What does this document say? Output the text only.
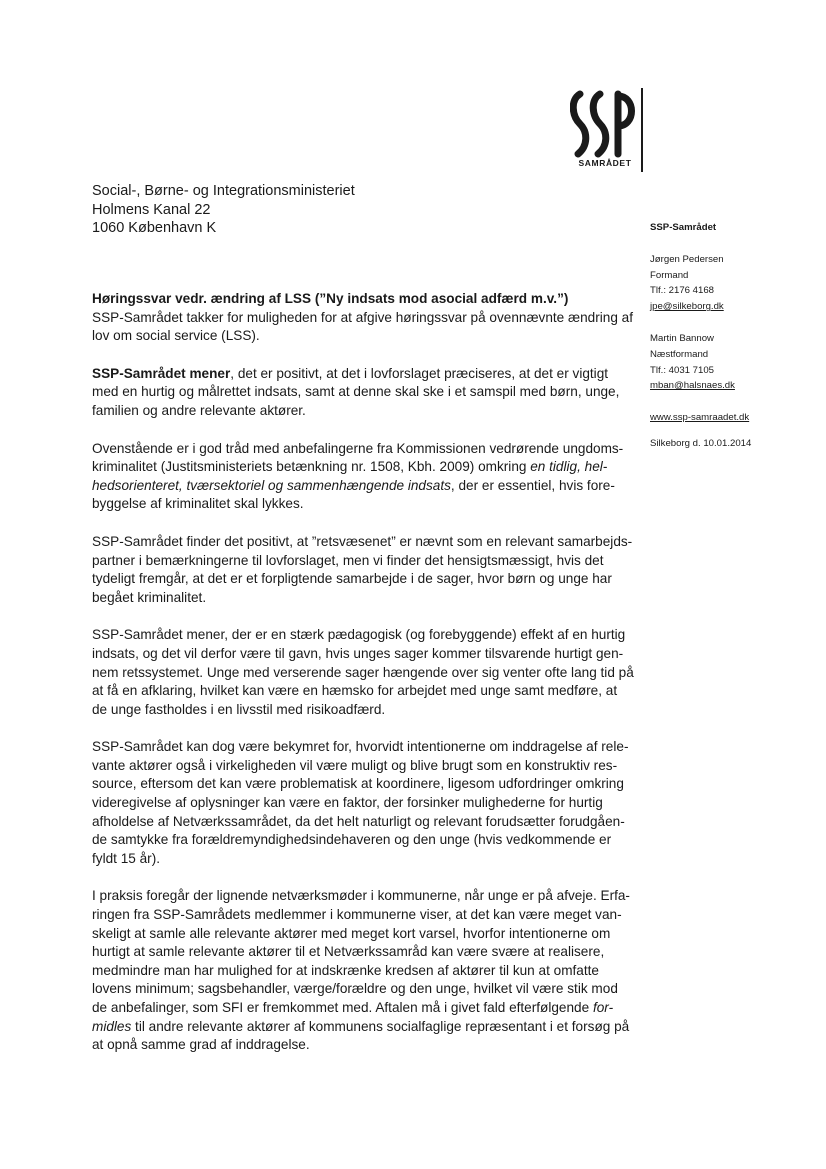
SAMRÅDET
Social-, Børne- og Integrationsministeriet
Holmens Kanal 22
1060 København K	SSP-Samrådet
Jørgen Pedersen
Formand
Tlf.: 2176 4168
jpe@silkeborg.dk
Martin Bannow
Næstformand
Tlf.: 4031 7105
mban@halsnaes.dk
www.ssp-samraadet.dk
Silkeborg d. 10.01.2014

Høringssvar vedr. ændring af LSS (”Ny indsats mod asocial adfærd m.v.”)
SSP-Samrådet takker for muligheden for at afgive høringssvar på ovennævnte ændring af
lov om social service (LSS).

SSP-Samrådet mener, det er positivt, at det i lovforslaget præciseres, at det er vigtigt
med en hurtig og målrettet indsats, samt at denne skal ske i et samspil med børn, unge,
familien og andre relevante aktører.

Ovenstående er i god tråd med anbefalingerne fra Kommissionen vedrørende ungdoms-
kriminalitet (Justitsministeriets betænkning nr. 1508, Kbh. 2009) omkring en tidlig, hel-
hedsorienteret, tværsektoriel og sammenhængende indsats, der er essentiel, hvis fore-
byggelse af kriminalitet skal lykkes.

SSP-Samrådet finder det positivt, at ”retsvæsenet” er nævnt som en relevant samarbejds-
partner i bemærkningerne til lovforslaget, men vi finder det hensigtsmæssigt, hvis det
tydeligt fremgår, at det er et forpligtende samarbejde i de sager, hvor børn og unge har
begået kriminalitet.

SSP-Samrådet mener, der er en stærk pædagogisk (og forebyggende) effekt af en hurtig
indsats, og det vil derfor være til gavn, hvis unges sager kommer tilsvarende hurtigt gen-
nem retssystemet. Unge med verserende sager hængende over sig venter ofte lang tid på
at få en afklaring, hvilket kan være en hæmsko for arbejdet med unge samt medføre, at
de unge fastholdes i en livsstil med risikoadfærd.

SSP-Samrådet kan dog være bekymret for, hvorvidt intentionerne om inddragelse af rele-
vante aktører også i virkeligheden vil være muligt og blive brugt som en konstruktiv res-
source, eftersom det kan være problematisk at koordinere, ligesom udfordringer omkring
videregivelse af oplysninger kan være en faktor, der forsinker mulighederne for hurtig
afholdelse af Netværkssamrådet, da det helt naturligt og relevant forudsætter forudgåen-
de samtykke fra forældremyndighedsindehaveren og den unge (hvis vedkommende er
fyldt 15 år).

I praksis foregår der lignende netværksmøder i kommunerne, når unge er på afveje. Erfa-
ringen fra SSP-Samrådets medlemmer i kommunerne viser, at det kan være meget van-
skeligt at samle alle relevante aktører med meget kort varsel, hvorfor intentionerne om
hurtigt at samle relevante aktører til et Netværkssamråd kan være svære at realisere,
medmindre man har mulighed for at indskrænke kredsen af aktører til kun at omfatte
lovens minimum; sagsbehandler, værge/forældre og den unge, hvilket vil være stik mod
de anbefalinger, som SFI er fremkommet med. Aftalen må i givet fald efterfølgende for-
midles til andre relevante aktører af kommunens socialfaglige repræsentant i et forsøg på
at opnå samme grad af inddragelse.
